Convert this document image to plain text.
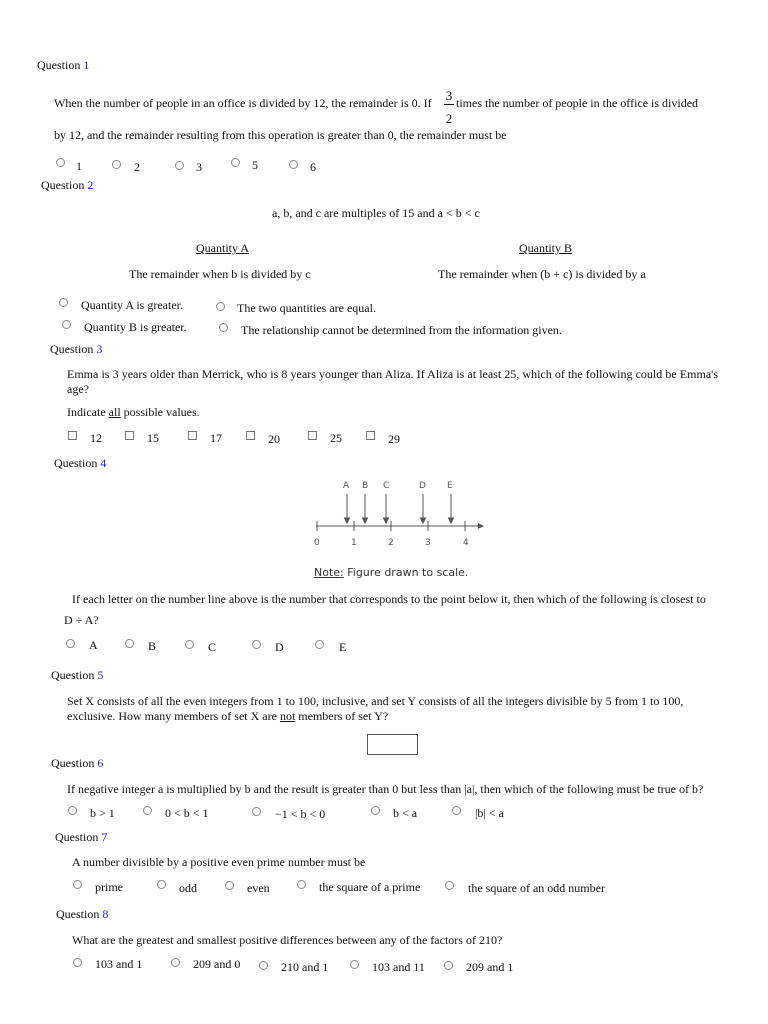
Question 1
When the number of people in an office is divided by 12, the remainder is 0. If 3
2
times the number of people in the office is divided
by 12, and the remainder resulting from this operation is greater than 0, the remainder must be
1	2	3	5	6
Question 2
a, b, and c are multiples of 15 and a < b < c
Quantity A	Quantity B
The remainder when b is divided by c	The remainder when (b + c) is divided by a
Quantity A is greater.	The two quantities are equal.
Quantity B is greater.	The relationship cannot be determined from the information given.
Question 3
Emma is 3 years older than Merrick, who is 8 years younger than Aliza. If Aliza is at least 25, which of the following could be Emma's age?
Indicate all possible values.
12	15	17	20	25	29
Question 4
A B C	D E
0	1	2	3	4
Note: Figure drawn to scale.
If each letter on the number line above is the number that corresponds to the point below it, then which of the following is closest to
D ÷ A?
A	B	C	D	E
Question 5
Set X consists of all the even integers from 1 to 100, inclusive, and set Y consists of all the integers divisible by 5 from 1 to 100,
exclusive. How many members of set X are not members of set Y?
Question 6
If negative integer a is multiplied by b and the result is greater than 0 but less than |a|, then which of the following must be true of b?
b > 1	0 < b < 1	−1 < b < 0	b < a	|b| < a
Question 7
A number divisible by a positive even prime number must be
prime	odd	even	the square of a prime	the square of an odd number
Question 8
What are the greatest and smallest positive differences between any of the factors of 210?
103 and 1	209 and 0	210 and 1	103 and 11	209 and 1
